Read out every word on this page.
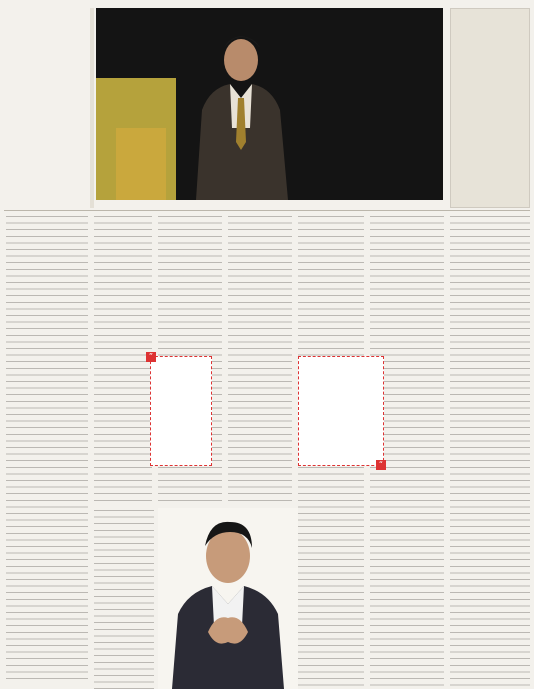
”
“
